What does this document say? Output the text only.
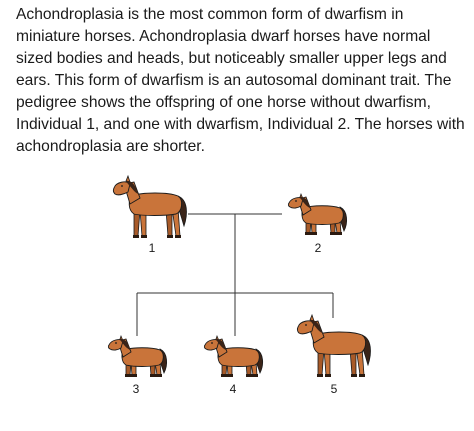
Achondroplasia is the most common form of dwarfism in miniature horses. Achondroplasia dwarf horses have normal sized bodies and heads, but noticeably smaller upper legs and ears. This form of dwarfism is an autosomal dominant trait. The pedigree shows the offspring of one horse without dwarfism, Individual 1, and one with dwarfism, Individual 2. The horses with achondroplasia are shorter.

1	2
3	4	5
